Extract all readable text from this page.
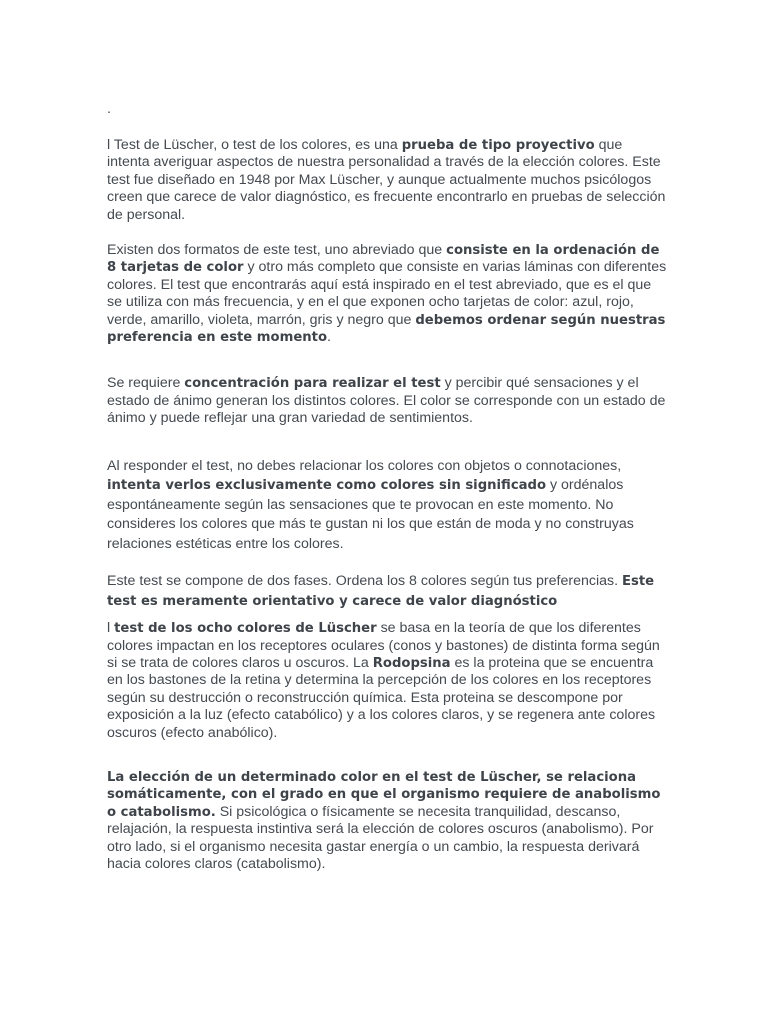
.

l Test de Lüscher, o test de los colores, es una prueba de tipo proyectivo que intenta averiguar aspectos de nuestra personalidad a través de la elección colores. Este test fue diseñado en 1948 por Max Lüscher, y aunque actualmente muchos psicólogos creen que carece de valor diagnóstico, es frecuente encontrarlo en pruebas de selección de personal.

Existen dos formatos de este test, uno abreviado que consiste en la ordenación de 8 tarjetas de color y otro más completo que consiste en varias láminas con diferentes colores. El test que encontrarás aquí está inspirado en el test abreviado, que es el que se utiliza con más frecuencia, y en el que exponen ocho tarjetas de color: azul, rojo, verde, amarillo, violeta, marrón, gris y negro que debemos ordenar según nuestras preferencia en este momento.

Se requiere concentración para realizar el test y percibir qué sensaciones y el estado de ánimo generan los distintos colores. El color se corresponde con un estado de ánimo y puede reflejar una gran variedad de sentimientos.

Al responder el test, no debes relacionar los colores con objetos o connotaciones, intenta verlos exclusivamente como colores sin significado y ordénalos espontáneamente según las sensaciones que te provocan en este momento. No consideres los colores que más te gustan ni los que están de moda y no construyas relaciones estéticas entre los colores.

Este test se compone de dos fases. Ordena los 8 colores según tus preferencias. Este test es meramente orientativo y carece de valor diagnóstico

l test de los ocho colores de Lüscher se basa en la teoría de que los diferentes colores impactan en los receptores oculares (conos y bastones) de distinta forma según si se trata de colores claros u oscuros. La Rodopsina es la proteina que se encuentra en los bastones de la retina y determina la percepción de los colores en los receptores según su destrucción o reconstrucción química. Esta proteina se descompone por exposición a la luz (efecto catabólico) y a los colores claros, y se regenera ante colores oscuros (efecto anabólico).

La elección de un determinado color en el test de Lüscher, se relaciona somáticamente, con el grado en que el organismo requiere de anabolismo o catabolismo. Si psicológica o físicamente se necesita tranquilidad, descanso, relajación, la respuesta instintiva será la elección de colores oscuros (anabolismo). Por otro lado, si el organismo necesita gastar energía o un cambio, la respuesta derivará hacia colores claros (catabolismo).
